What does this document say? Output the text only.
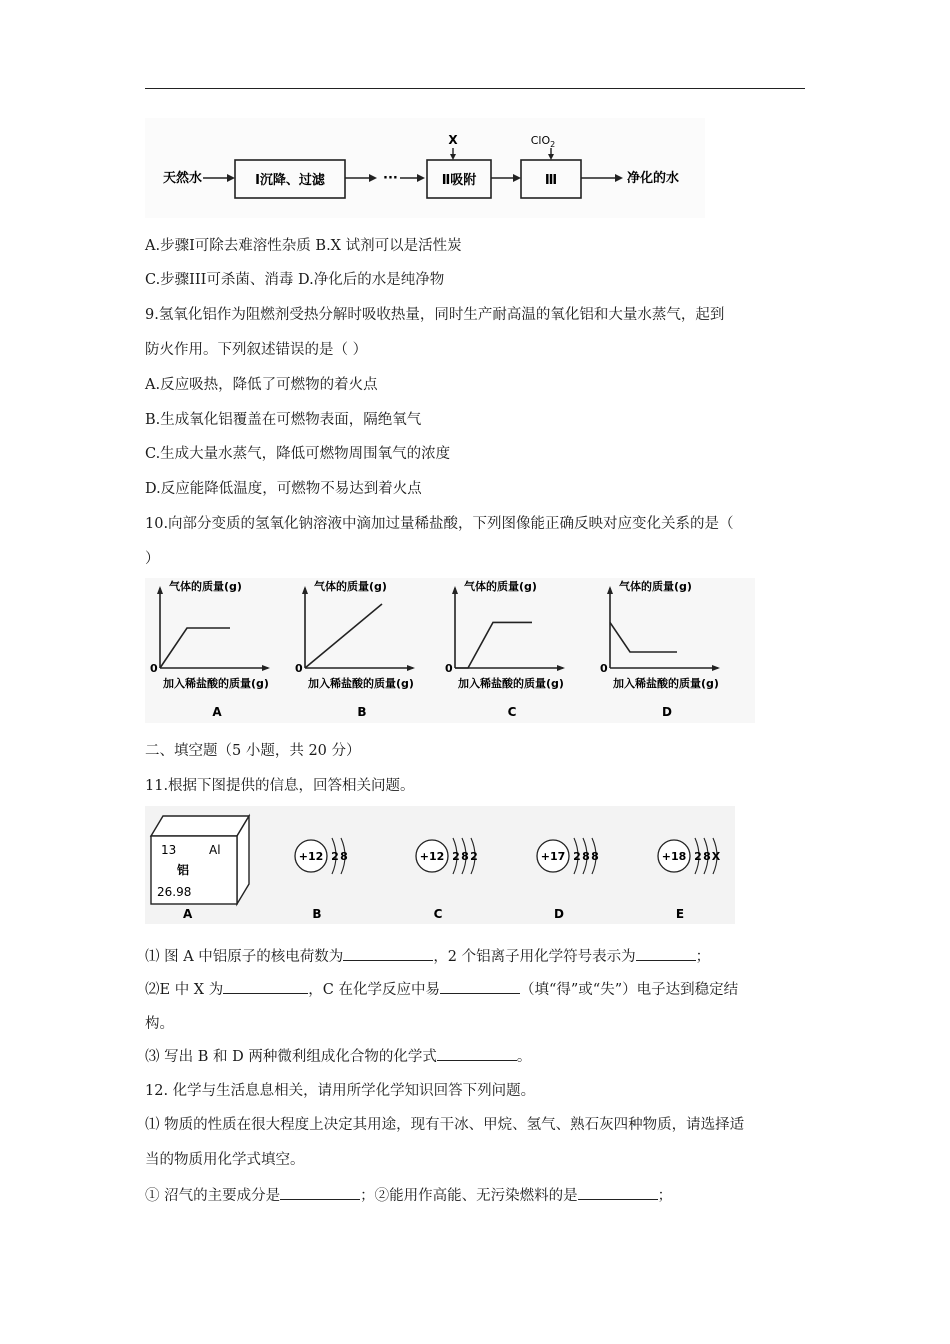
天然水	Ⅰ沉降、过滤	···	Ⅱ吸附
X
Ⅲ
ClO$_2$
净化的水
A.步骤I可除去难溶性杂质 B.X 试剂可以是活性炭
C.步骤III可杀菌、消毒 D.净化后的水是纯净物
9.氢氧化铝作为阻燃剂受热分解时吸收热量，同时生产耐高温的氧化铝和大量水蒸气，起到
防火作用。下列叙述错误的是（ ）
A.反应吸热，降低了可燃物的着火点
B.生成氧化铝覆盖在可燃物表面，隔绝氧气
C.生成大量水蒸气，降低可燃物周围氧气的浓度
D.反应能降低温度，可燃物不易达到着火点
10.向部分变质的氢氧化钠溶液中滴加过量稀盐酸，下列图像能正确反映对应变化关系的是（
）
气体的质量(g)
加入稀盐酸的质量(g)
0
A
气体的质量(g)
加入稀盐酸的质量(g)
0
B
气体的质量(g)
加入稀盐酸的质量(g)
0
C
气体的质量(g)
加入稀盐酸的质量(g)
0
D
二、填空题（5 小题，共 20 分）
11.根据下图提供的信息，回答相关问题。
13	Al
铝
26.98
A
+12 2 8
B
+12 2 8 2
C
+17 2 8 8
D
+18 2 8 X
E
⑴ 图 A 中铝原子的核电荷数为	，2 个铝离子用化学符号表示为	；
⑵E 中 X 为	，C 在化学反应中易	（填“得”或“失”）电子达到稳定结
构。
⑶ 写出 B 和 D 两种微利组成化合物的化学式	。
12. 化学与生活息息相关，请用所学化学知识回答下列问题。
⑴ 物质的性质在很大程度上决定其用途，现有干冰、甲烷、氢气、熟石灰四种物质，请选择适
当的物质用化学式填空。
① 沼气的主要成分是	；②能用作高能、无污染燃料的是	；
